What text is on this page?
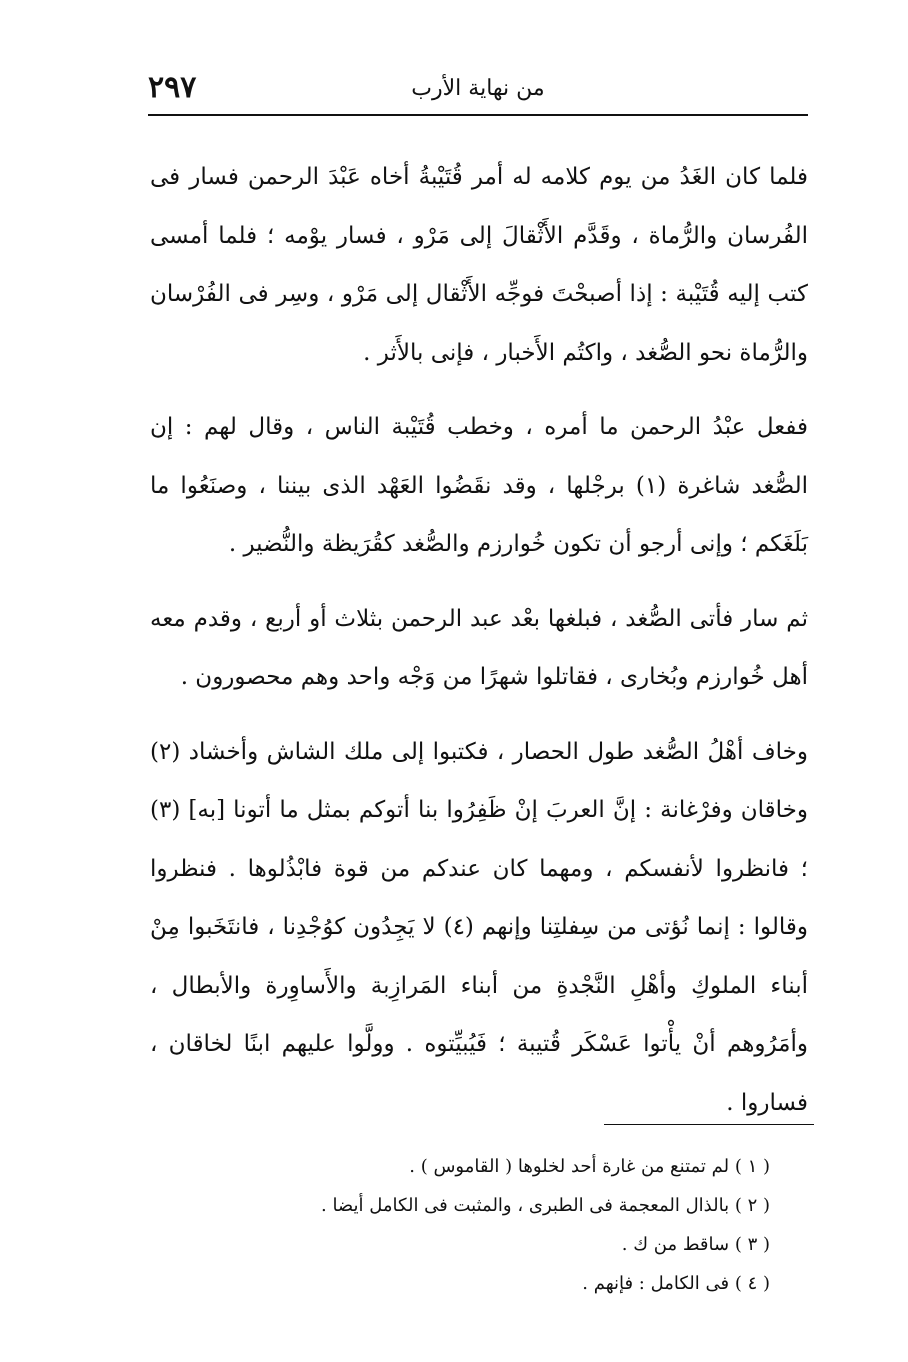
٢٩٧	من نهاية الأرب

فلما كان الغَدُ من يوم كلامه له أمر قُتَيْبةُ أخاه عَبْدَ الرحمن فسار فى الفُرسان والرُّماة ، وقَدَّم الأَثْقالَ إلى مَرْو ، فسار يوْمه ؛ فلما أمسى كتب إليه قُتَيْبة : إذا أصبحْتَ فوجِّه الأَثْقال إلى مَرْو ، وسِر فى الفُرْسان والرُّماة نحو الصُّغد ، واكتُم الأَخبار ، فإنى بالأَثر .

ففعل عبْدُ الرحمن ما أمره ، وخطب قُتَيْبة الناس ، وقال لهم : إن الصُّغد شاغرة (١) برجْلها ، وقد نقَضُوا العَهْد الذى بيننا ، وصنَعُوا ما بَلَغَكم ؛ وإنى أرجو أن تكون خُوارزم والصُّغد كقُرَيظة والنُّضير .

ثم سار فأتى الصُّغد ، فبلغها بعْد عبد الرحمن بثلاث أو أربع ، وقدم معه أهل خُوارزم وبُخارى ، فقاتلوا شهرًا من وَجْه واحد وهم محصورون .

وخاف أهْلُ الصُّغد طول الحصار ، فكتبوا إلى ملك الشاش وأخشاد (٢) وخاقان وفرْغانة : إنَّ العربَ إنْ ظَفِرُوا بنا أتوكم بمثل ما أتونا [به] (٣) ؛ فانظروا لأنفسكم ، ومهما كان عندكم من قوة فابْذُلوها . فنظروا وقالوا : إنما نُؤتى من سِفلتِنا وإنهم (٤) لا يَجِدُون كوُجْدِنا ، فانتَخَبوا مِنْ أبناء الملوكِ وأهْلِ النَّجْدةِ من أبناء المَرازِبة والأَساوِرة والأبطال ، وأمَرُوهم أنْ يأْتوا عَسْكَر قُتيبة ؛ فَيُبيِّتوه . وولَّوا عليهم ابنًا لخاقان ، فساروا .

( ١ ) لم تمتنع من غارة أحد لخلوها ( القاموس ) .

( ٢ ) بالذال المعجمة فى الطبرى ، والمثبت فى الكامل أيضا .

( ٣ ) ساقط من ك .

( ٤ ) فى الكامل : فإنهم .
